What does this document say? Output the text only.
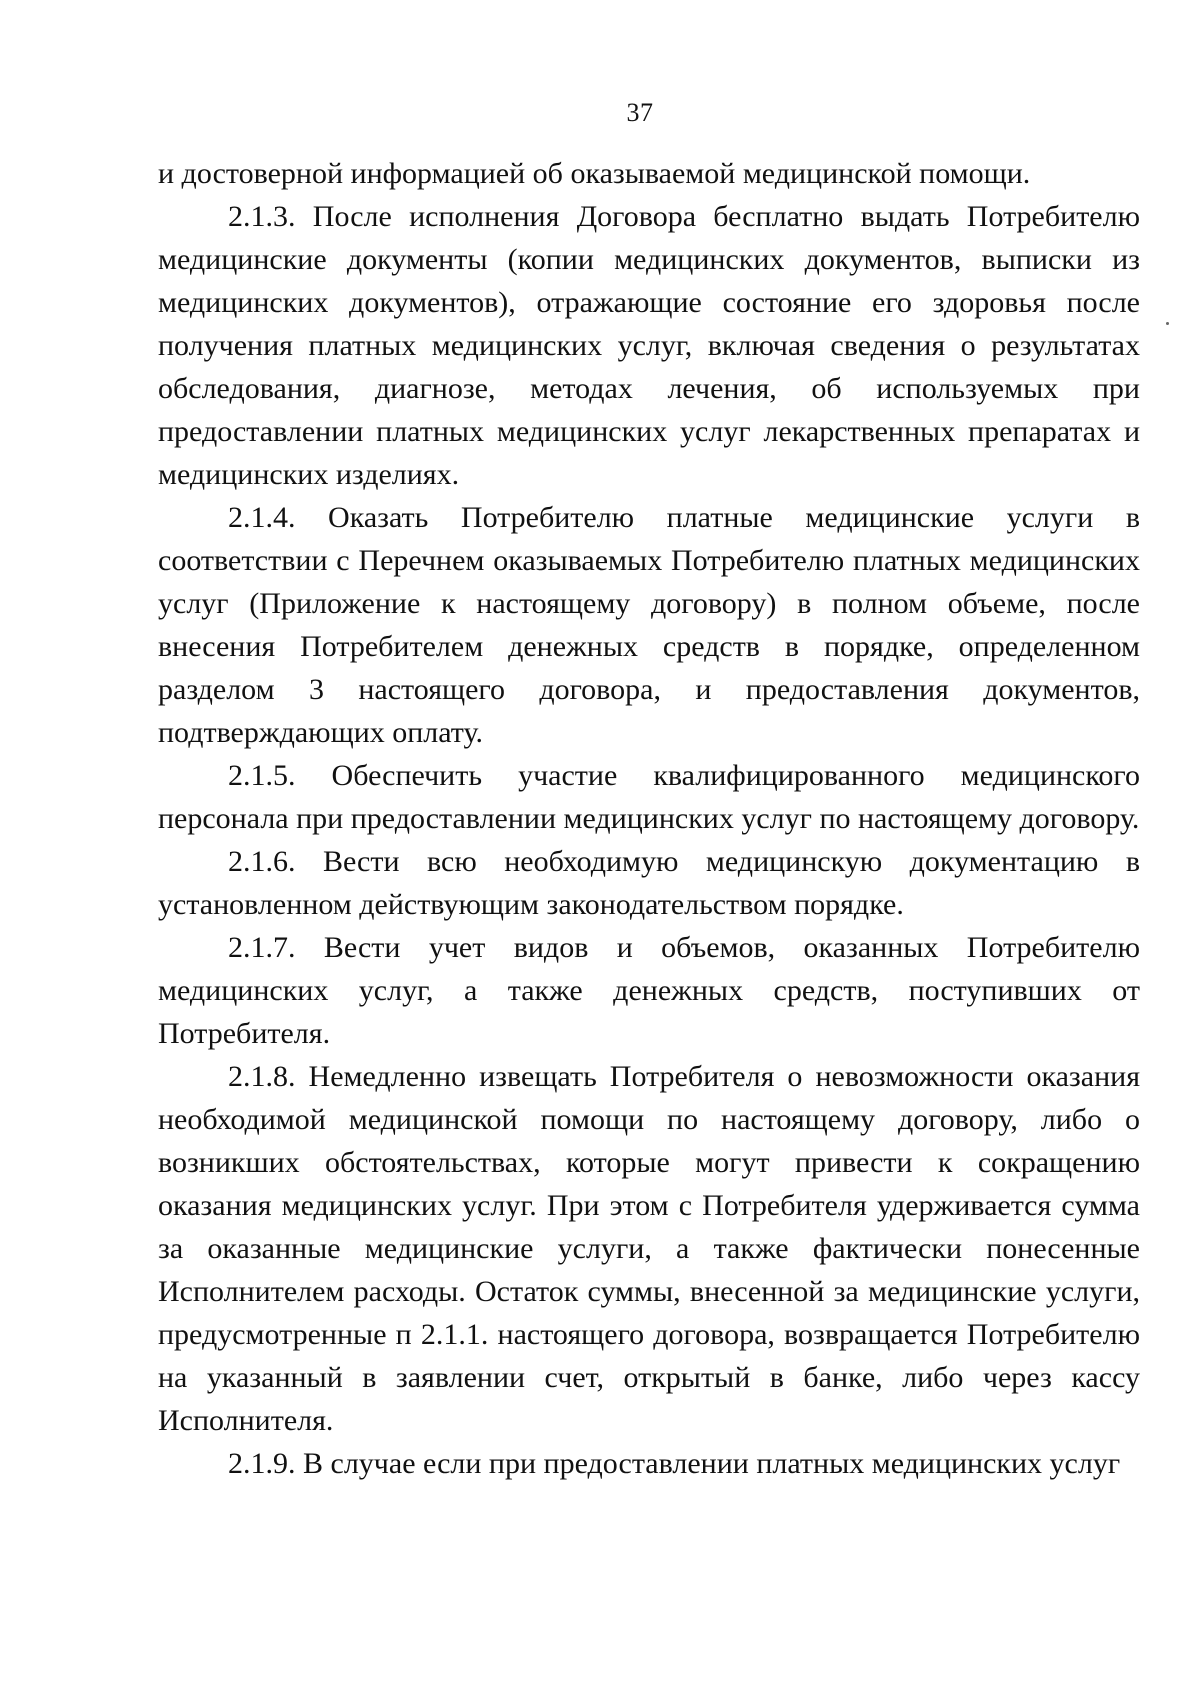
37

и достоверной информацией об оказываемой медицинской помощи.

2.1.3. После исполнения Договора бесплатно выдать Потребителю медицинские документы (копии медицинских документов, выписки из медицинских документов), отражающие состояние его здоровья после получения платных медицинских услуг, включая сведения о результатах обследования, диагнозе, методах лечения, об используемых при предоставлении платных медицинских услуг лекарственных препаратах и медицинских изделиях.

2.1.4. Оказать Потребителю платные медицинские услуги в соответствии с Перечнем оказываемых Потребителю платных медицинских услуг (Приложение к настоящему договору) в полном объеме, после внесения Потребителем денежных средств в порядке, определенном разделом 3 настоящего договора, и предоставления документов, подтверждающих оплату.

2.1.5. Обеспечить участие квалифицированного медицинского персонала при предоставлении медицинских услуг по настоящему договору.

2.1.6. Вести всю необходимую медицинскую документацию в установленном действующим законодательством порядке.

2.1.7. Вести учет видов и объемов, оказанных Потребителю медицинских услуг, а также денежных средств, поступивших от Потребителя.

2.1.8. Немедленно извещать Потребителя о невозможности оказания необходимой медицинской помощи по настоящему договору, либо о возникших обстоятельствах, которые могут привести к сокращению оказания медицинских услуг. При этом с Потребителя удерживается сумма за оказанные медицинские услуги, а также фактически понесенные Исполнителем расходы. Остаток суммы, внесенной за медицинские услуги, предусмотренные п 2.1.1. настоящего договора, возвращается Потребителю на указанный в заявлении счет, открытый в банке, либо через кассу Исполнителя.

2.1.9. В случае если при предоставлении платных медицинских услуг
